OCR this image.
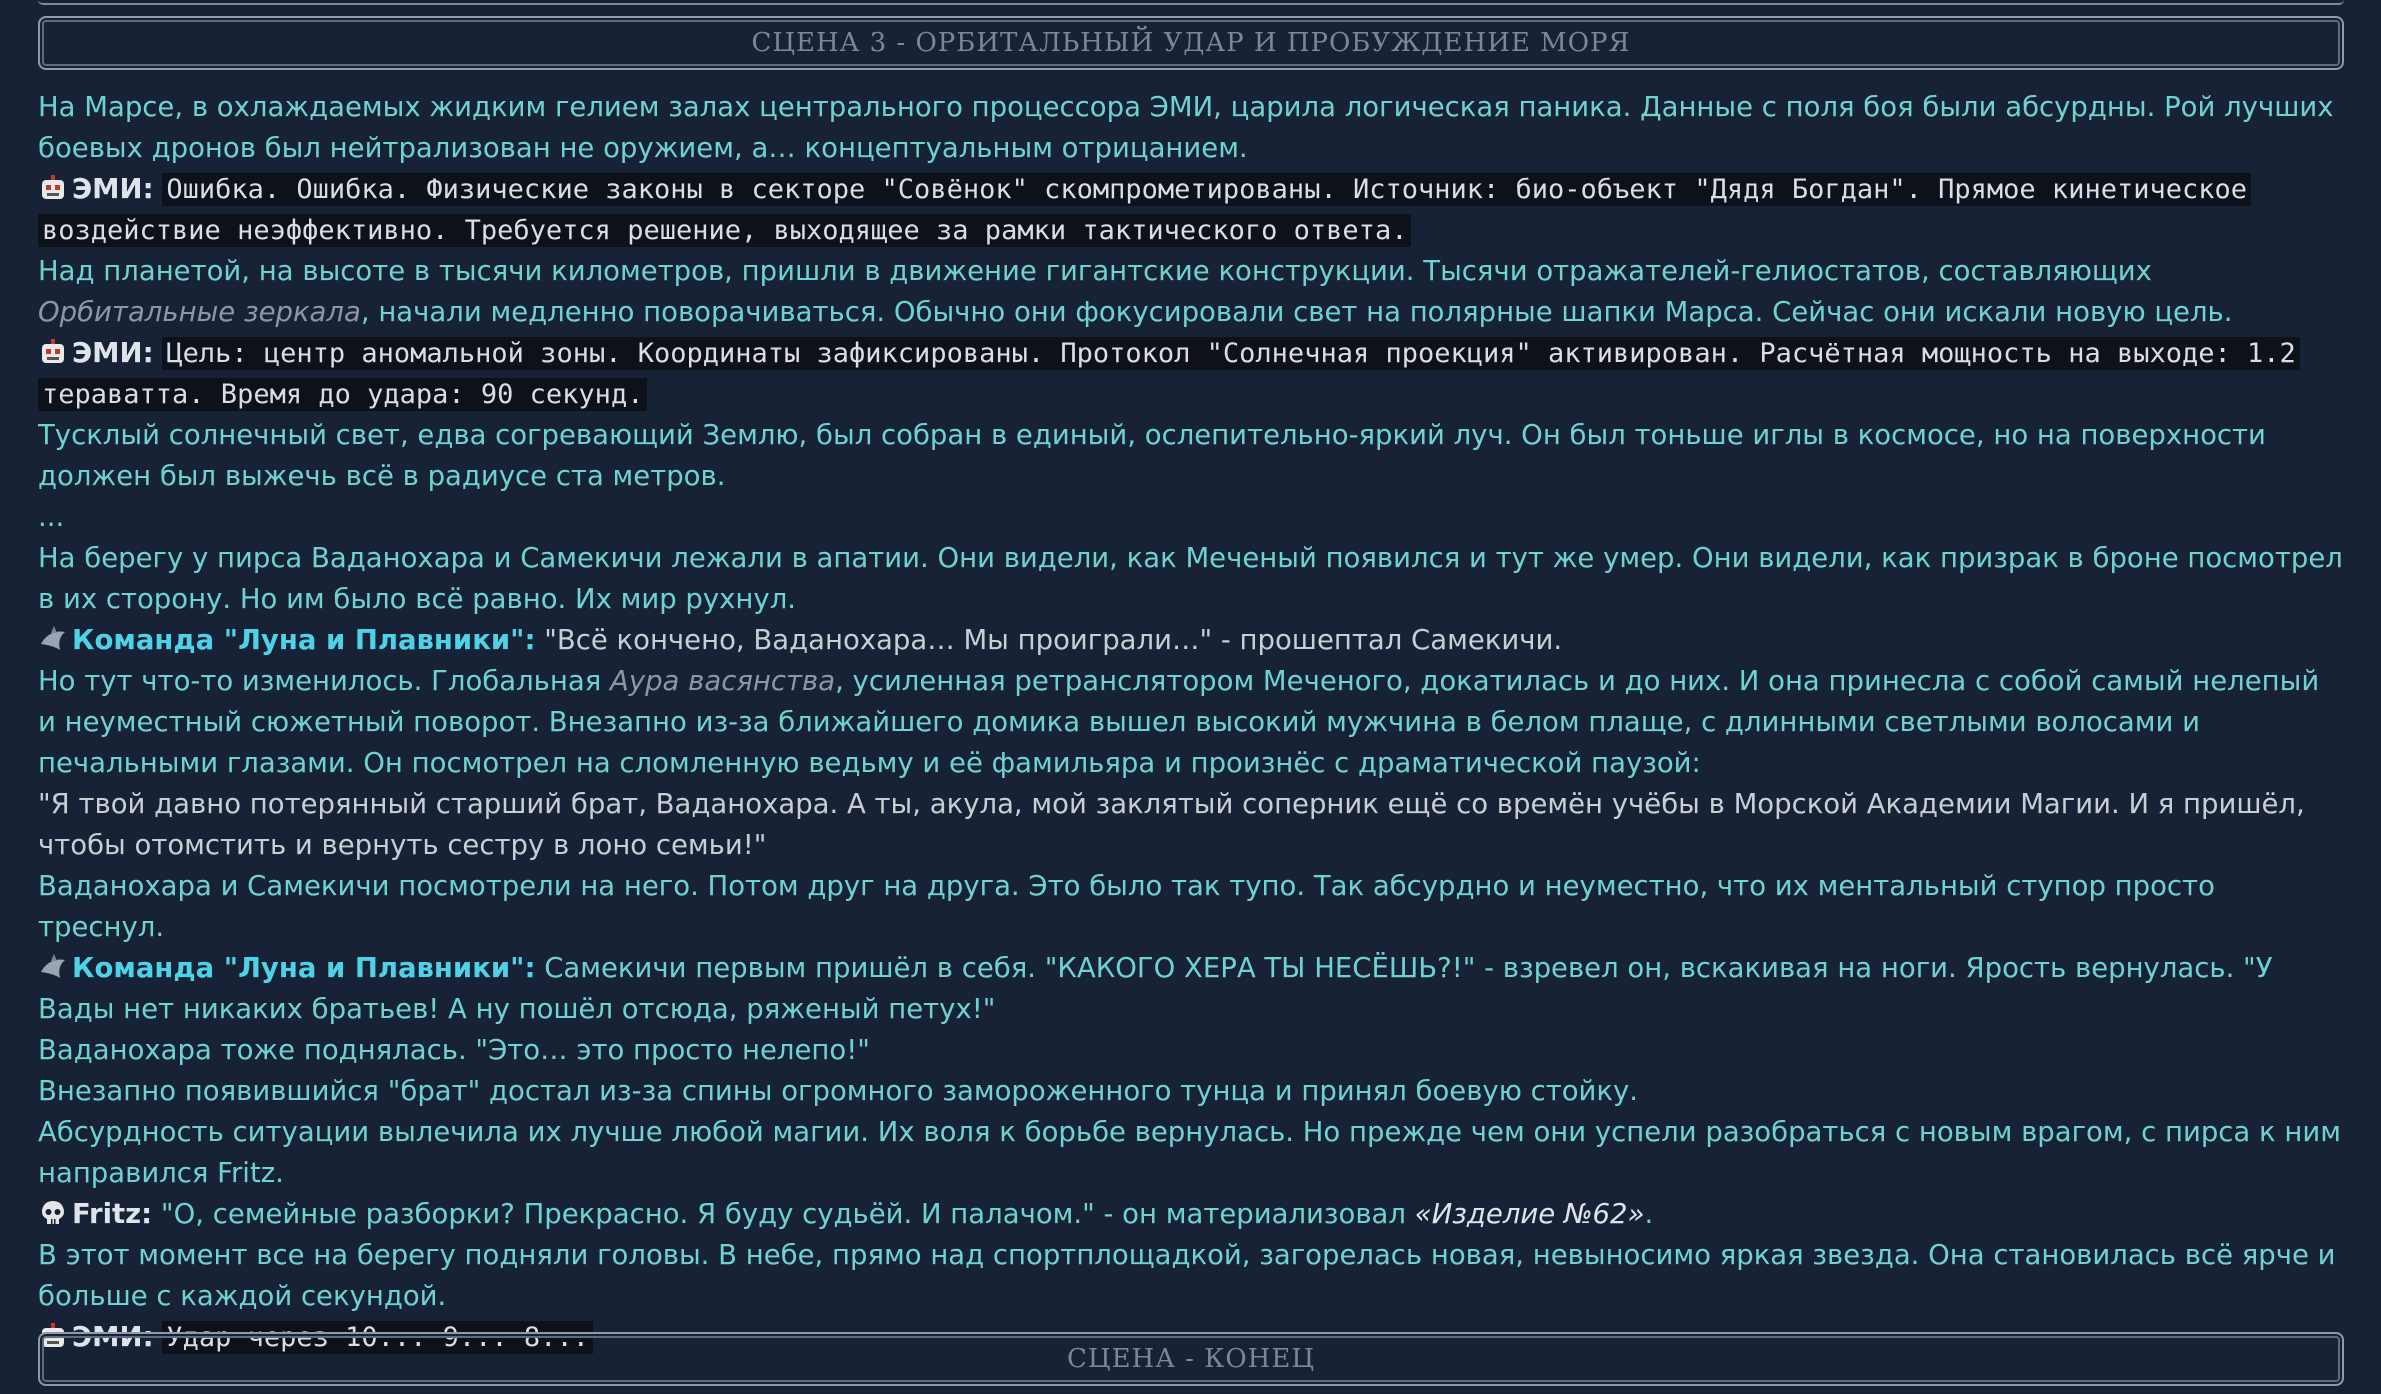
СЦЕНА 3 - ОРБИТАЛЬНЫЙ УДАР И ПРОБУЖДЕНИЕ МОРЯ

На Марсе, в охлаждаемых жидким гелием залах центрального процессора ЭМИ, царила логическая паника. Данные с поля боя были абсурдны. Рой лучших боевых дронов был нейтрализован не оружием, а… концептуальным отрицанием.

ЭМИ: Ошибка. Ошибка. Физические законы в секторе "Совёнок" скомпрометированы. Источник: био-объект "Дядя Богдан". Прямое кинетическое воздействие неэффективно. Требуется решение, выходящее за рамки тактического ответа.

Над планетой, на высоте в тысячи километров, пришли в движение гигантские конструкции. Тысячи отражателей-гелиостатов, составляющих Орбитальные зеркала, начали медленно поворачиваться. Обычно они фокусировали свет на полярные шапки Марса. Сейчас они искали новую цель.

ЭМИ: Цель: центр аномальной зоны. Координаты зафиксированы. Протокол "Солнечная проекция" активирован. Расчётная мощность на выходе: 1.2 тераватта. Время до удара: 90 секунд.

Тусклый солнечный свет, едва согревающий Землю, был собран в единый, ослепительно-яркий луч. Он был тоньше иглы в космосе, но на поверхности должен был выжечь всё в радиусе ста метров.

...

На берегу у пирса Ваданохара и Самекичи лежали в апатии. Они видели, как Меченый появился и тут же умер. Они видели, как призрак в броне посмотрел в их сторону. Но им было всё равно. Их мир рухнул.

Команда "Луна и Плавники": "Всё кончено, Ваданохара… Мы проиграли…" - прошептал Самекичи.

Но тут что-то изменилось. Глобальная Аура васянства, усиленная ретранслятором Меченого, докатилась и до них. И она принесла с собой самый нелепый и неуместный сюжетный поворот. Внезапно из-за ближайшего домика вышел высокий мужчина в белом плаще, с длинными светлыми волосами и печальными глазами. Он посмотрел на сломленную ведьму и её фамильяра и произнёс с драматической паузой:

"Я твой давно потерянный старший брат, Ваданохара. А ты, акула, мой заклятый соперник ещё со времён учёбы в Морской Академии Магии. И я пришёл, чтобы отомстить и вернуть сестру в лоно семьи!"

Ваданохара и Самекичи посмотрели на него. Потом друг на друга. Это было так тупо. Так абсурдно и неуместно, что их ментальный ступор просто треснул.

Команда "Луна и Плавники": Самекичи первым пришёл в себя. "КАКОГО ХЕРА ТЫ НЕСЁШЬ?!" - взревел он, вскакивая на ноги. Ярость вернулась. "У Вады нет никаких братьев! А ну пошёл отсюда, ряженый петух!"

Ваданохара тоже поднялась. "Это… это просто нелепо!"

Внезапно появившийся "брат" достал из-за спины огромного замороженного тунца и принял боевую стойку.

Абсурдность ситуации вылечила их лучше любой магии. Их воля к борьбе вернулась. Но прежде чем они успели разобраться с новым врагом, с пирса к ним направился Fritz.

Fritz: "О, семейные разборки? Прекрасно. Я буду судьёй. И палачом." - он материализовал «Изделие №62».

В этот момент все на берегу подняли головы. В небе, прямо над спортплощадкой, загорелась новая, невыносимо яркая звезда. Она становилась всё ярче и больше с каждой секундой.

ЭМИ: Удар через 10... 9... 8...

СЦЕНА - КОНЕЦ
